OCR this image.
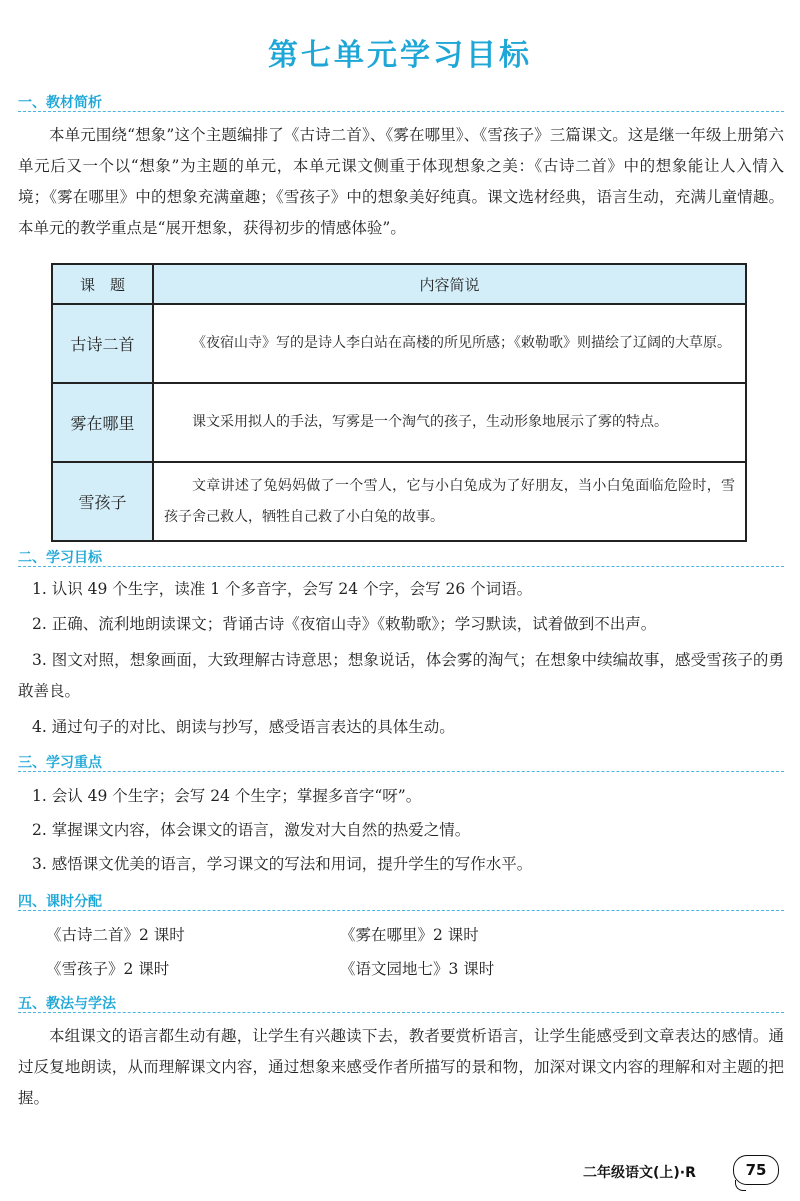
第七单元学习目标
一、教材简析

本单元围绕“想象”这个主题编排了《古诗二首》、《雾在哪里》、《雪孩子》三篇课文。这是继一年级上册第六单元后又一个以“想象”为主题的单元，本单元课文侧重于体现想象之美：《古诗二首》中的想象能让人入情入境；《雾在哪里》中的想象充满童趣；《雪孩子》中的想象美好纯真。课文选材经典，语言生动，充满儿童情趣。本单元的教学重点是“展开想象，获得初步的情感体验”。

课　题	内容简说
古诗二首	《夜宿山寺》写的是诗人李白站在高楼的所见所感；《敕勒歌》则描绘了辽阔的大草原。
雾在哪里	课文采用拟人的手法，写雾是一个淘气的孩子，生动形象地展示了雾的特点。
雪孩子	文章讲述了兔妈妈做了一个雪人，它与小白兔成为了好朋友，当小白兔面临危险时，雪孩子舍己救人，牺牲自己救了小白兔的故事。
二、学习目标

1. 认识 49 个生字，读准 1 个多音字，会写 24 个字，会写 26 个词语。

2. 正确、流利地朗读课文；背诵古诗《夜宿山寺》《敕勒歌》；学习默读，试着做到不出声。

3. 图文对照，想象画面，大致理解古诗意思；想象说话，体会雾的淘气；在想象中续编故事，感受雪孩子的勇敢善良。

4. 通过句子的对比、朗读与抄写，感受语言表达的具体生动。

三、学习重点

1. 会认 49 个生字；会写 24 个生字；掌握多音字“呀”。

2. 掌握课文内容，体会课文的语言，激发对大自然的热爱之情。

3. 感悟课文优美的语言，学习课文的写法和用词，提升学生的写作水平。

四、课时分配
《古诗二首》2 课时	《雾在哪里》2 课时
《雪孩子》2 课时	《语文园地七》3 课时
五、教法与学法

本组课文的语言都生动有趣，让学生有兴趣读下去，教者要赏析语言，让学生能感受到文章表达的感情。通过反复地朗读，从而理解课文内容，通过想象来感受作者所描写的景和物，加深对课文内容的理解和对主题的把握。

二年级语文(上)·R	75
